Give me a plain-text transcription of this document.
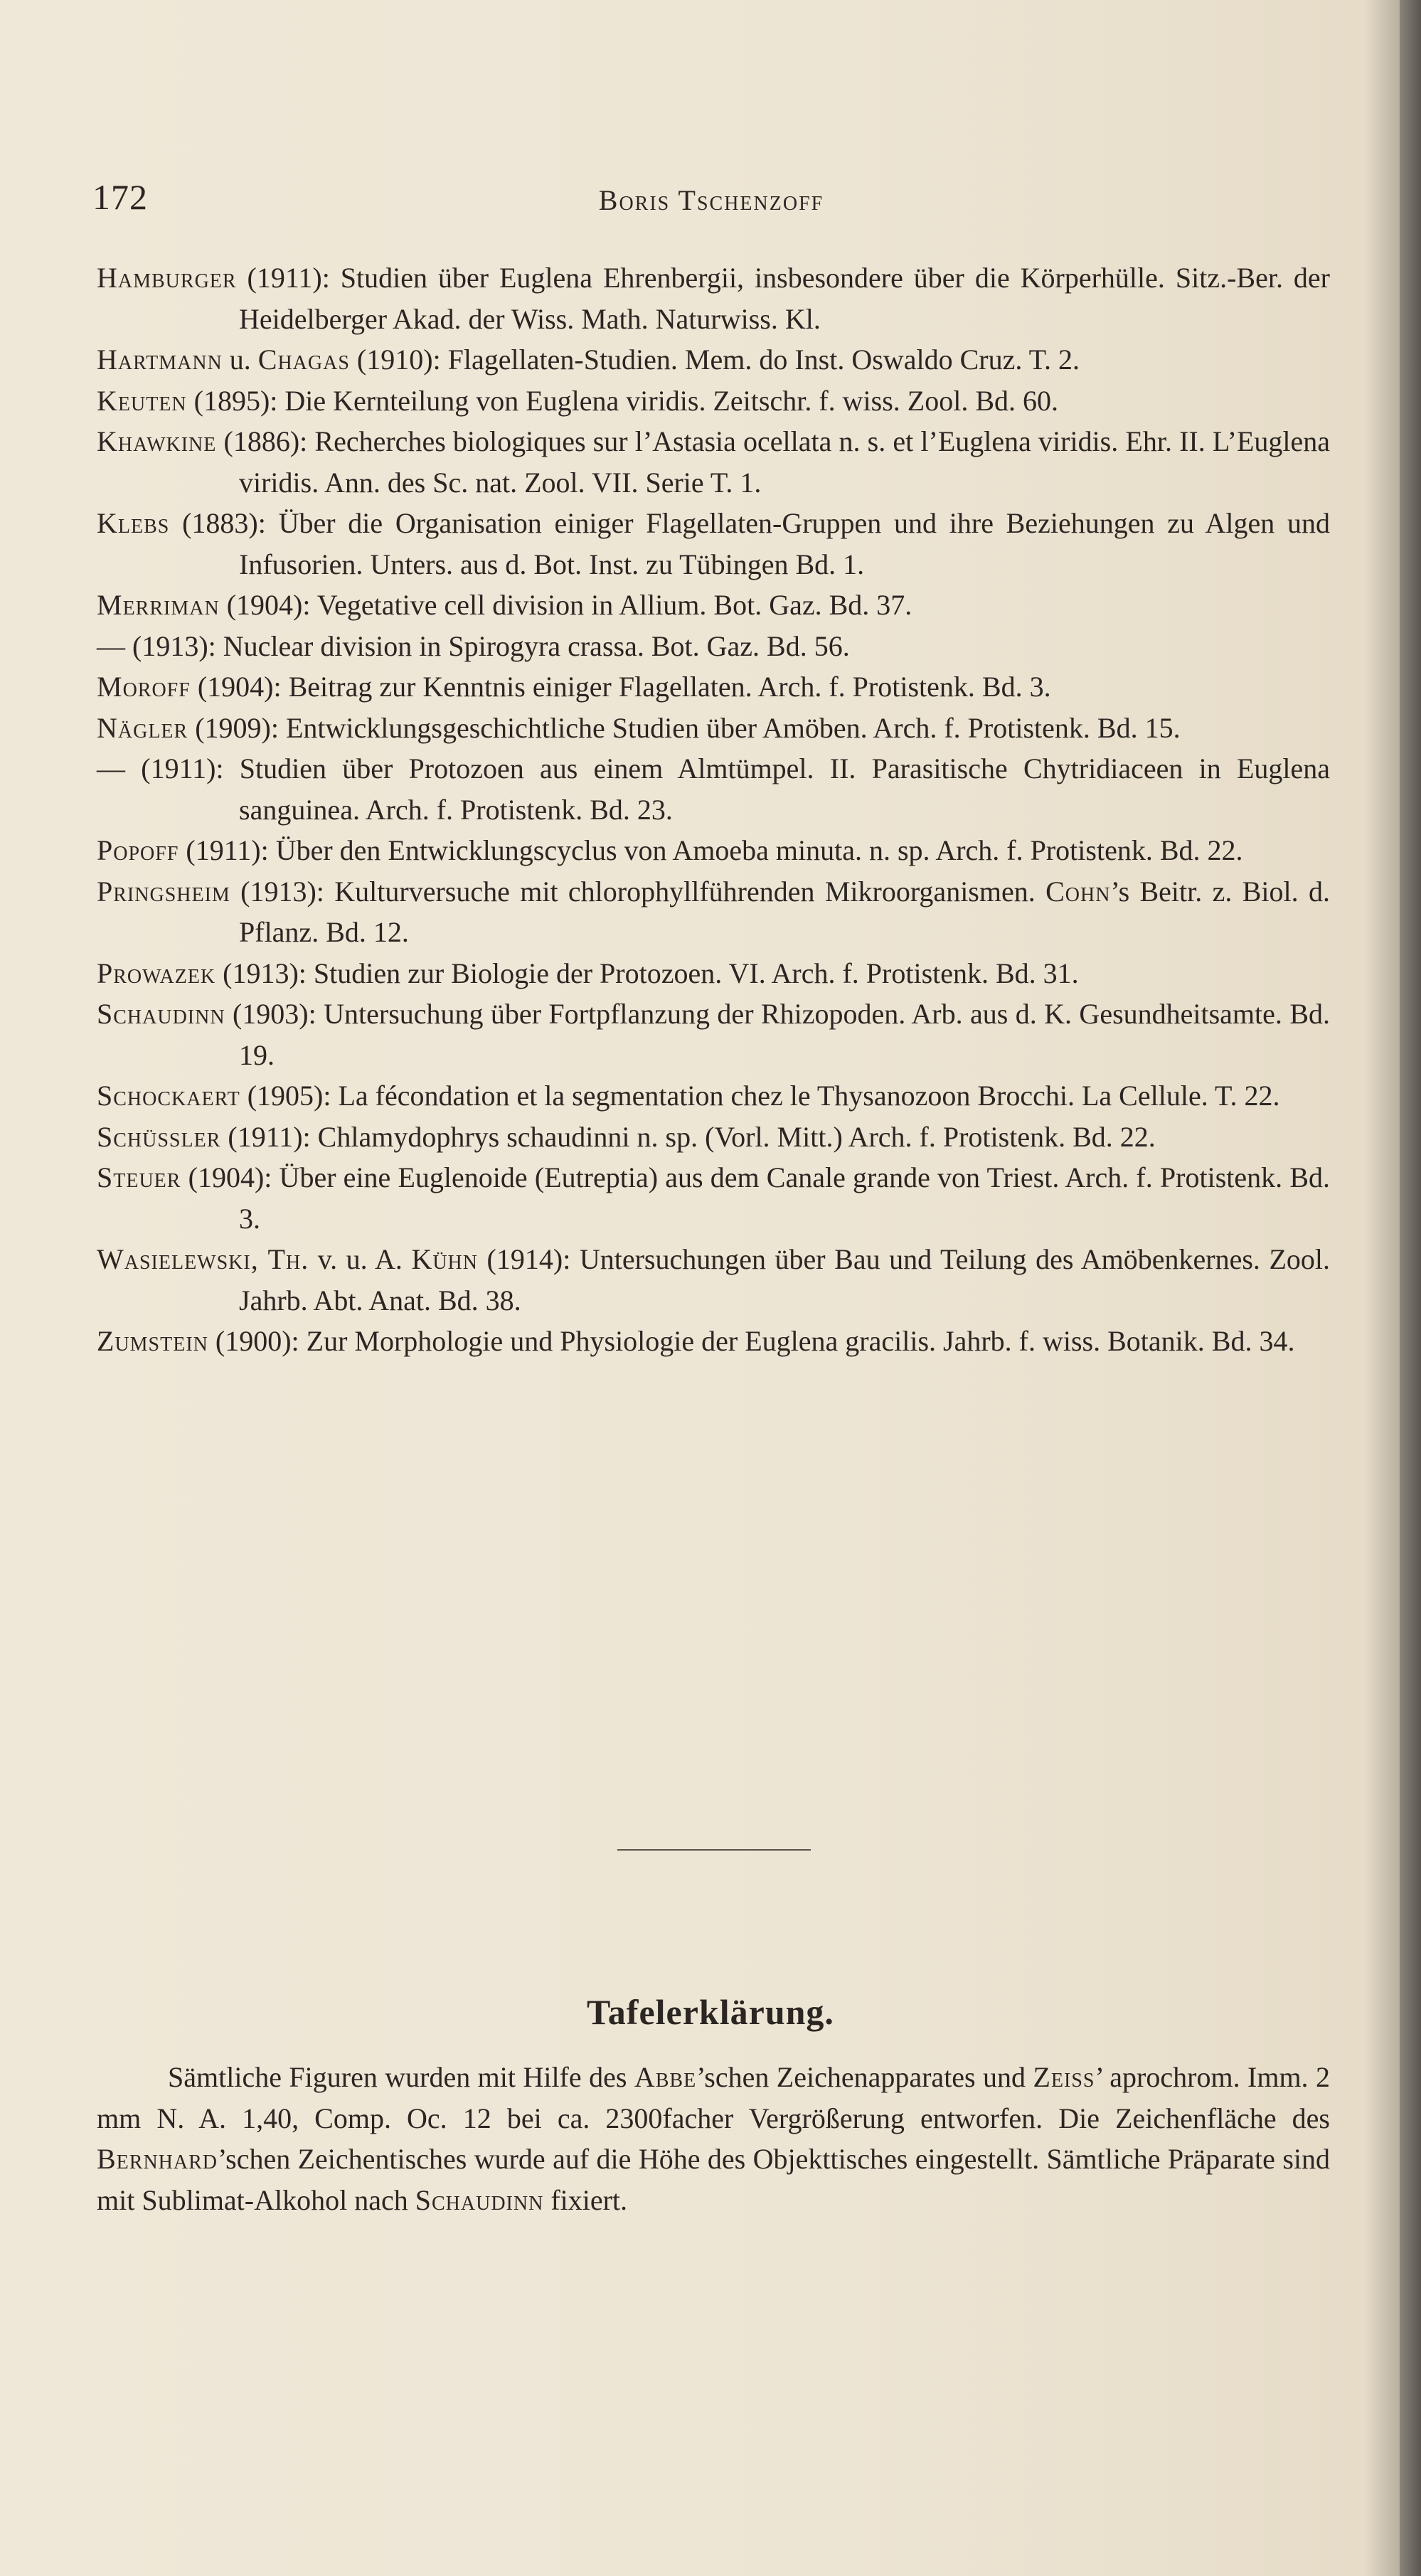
172	Boris Tschenzoff

Hamburger (1911): Studien über Euglena Ehrenbergii, insbesondere über die Körperhülle. Sitz.-Ber. der Heidelberger Akad. der Wiss. Math. Naturwiss. Kl.

Hartmann u. Chagas (1910): Flagellaten-Studien. Mem. do Inst. Oswaldo Cruz. T. 2.

Keuten (1895): Die Kernteilung von Euglena viridis. Zeitschr. f. wiss. Zool. Bd. 60.

Khawkine (1886): Recherches biologiques sur l’Astasia ocellata n. s. et l’Euglena viridis. Ehr. II. L’Euglena viridis. Ann. des Sc. nat. Zool. VII. Serie T. 1.

Klebs (1883): Über die Organisation einiger Flagellaten-Gruppen und ihre Beziehungen zu Algen und Infusorien. Unters. aus d. Bot. Inst. zu Tübingen Bd. 1.

Merriman (1904): Vegetative cell division in Allium. Bot. Gaz. Bd. 37.

— (1913): Nuclear division in Spirogyra crassa. Bot. Gaz. Bd. 56.

Moroff (1904): Beitrag zur Kenntnis einiger Flagellaten. Arch. f. Protistenk. Bd. 3.

Nägler (1909): Entwicklungsgeschichtliche Studien über Amöben. Arch. f. Protistenk. Bd. 15.

— (1911): Studien über Protozoen aus einem Almtümpel. II. Parasitische Chytridiaceen in Euglena sanguinea. Arch. f. Protistenk. Bd. 23.

Popoff (1911): Über den Entwicklungscyclus von Amoeba minuta. n. sp. Arch. f. Protistenk. Bd. 22.

Pringsheim (1913): Kulturversuche mit chlorophyllführenden Mikroorganismen. Cohn’s Beitr. z. Biol. d. Pflanz. Bd. 12.

Prowazek (1913): Studien zur Biologie der Protozoen. VI. Arch. f. Protistenk. Bd. 31.

Schaudinn (1903): Untersuchung über Fortpflanzung der Rhizopoden. Arb. aus d. K. Gesundheitsamte. Bd. 19.

Schockaert (1905): La fécondation et la segmentation chez le Thysanozoon Brocchi. La Cellule. T. 22.

Schüssler (1911): Chlamydophrys schaudinni n. sp. (Vorl. Mitt.) Arch. f. Protistenk. Bd. 22.

Steuer (1904): Über eine Euglenoide (Eutreptia) aus dem Canale grande von Triest. Arch. f. Protistenk. Bd. 3.

Wasielewski, Th. v. u. A. Kühn (1914): Untersuchungen über Bau und Teilung des Amöbenkernes. Zool. Jahrb. Abt. Anat. Bd. 38.

Zumstein (1900): Zur Morphologie und Physiologie der Euglena gracilis. Jahrb. f. wiss. Botanik. Bd. 34.

Tafelerklärung.

Sämtliche Figuren wurden mit Hilfe des Abbe’schen Zeichenapparates und Zeiss’ aprochrom. Imm. 2 mm N. A. 1,40, Comp. Oc. 12 bei ca. 2300facher Vergrößerung entworfen. Die Zeichenfläche des Bernhard’schen Zeichentisches wurde auf die Höhe des Objekttisches eingestellt. Sämtliche Präparate sind mit Sublimat-Alkohol nach Schaudinn fixiert.
